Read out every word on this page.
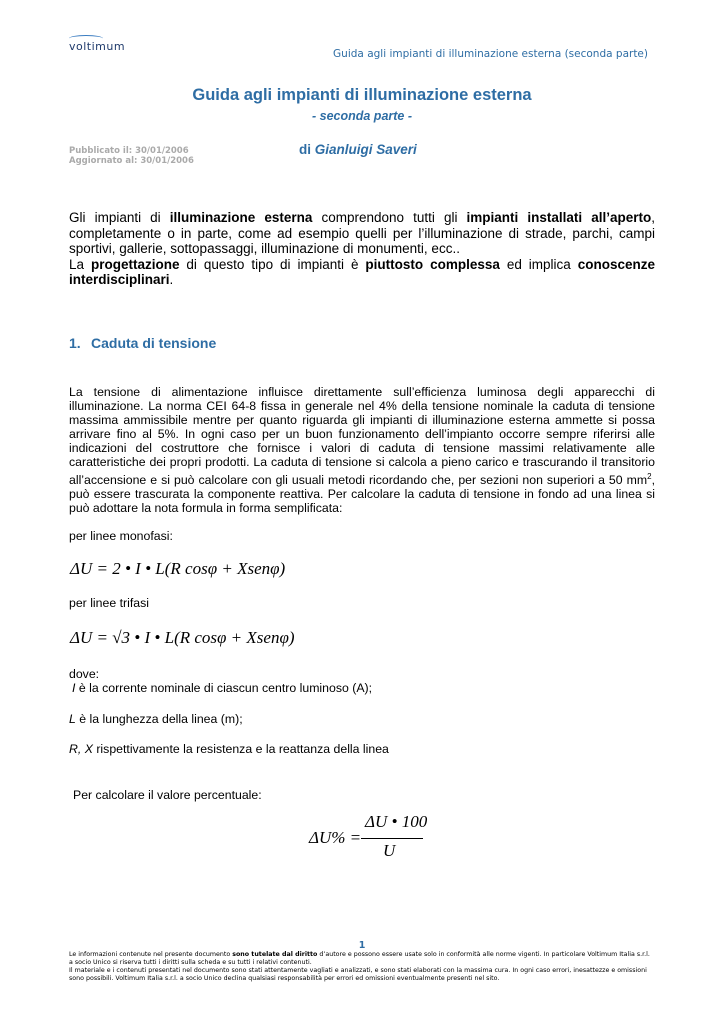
voltimum
Guida agli impianti di illuminazione esterna (seconda parte)
Guida agli impianti di illuminazione esterna
- seconda parte -
Pubblicato il: 30/01/2006
Aggiornato al: 30/01/2006
di Gianluigi Saveri
Gli impianti di illuminazione esterna comprendono tutti gli impianti installati all’aperto, completamente o in parte, come ad esempio quelli per l’illuminazione di strade, parchi, campi sportivi, gallerie, sottopassaggi, illuminazione di monumenti, ecc..
La progettazione di questo tipo di impianti è piuttosto complessa ed implica conoscenze interdisciplinari.
1. Caduta di tensione
La tensione di alimentazione influisce direttamente sull’efficienza luminosa degli apparecchi di illuminazione. La norma CEI 64-8 fissa in generale nel 4% della tensione nominale la caduta di tensione massima ammissibile mentre per quanto riguarda gli impianti di illuminazione esterna ammette si possa arrivare fino al 5%. In ogni caso per un buon funzionamento dell’impianto occorre sempre riferirsi alle indicazioni del costruttore che fornisce i valori di caduta di tensione massimi relativamente alle caratteristiche dei propri prodotti. La caduta di tensione si calcola a pieno carico e trascurando il transitorio all’accensione e si può calcolare con gli usuali metodi ricordando che, per sezioni non superiori a 50 $mm^2$, può essere trascurata la componente reattiva. Per calcolare la caduta di tensione in fondo ad una linea si può adottare la nota formula in forma semplificata:
per linee monofasi:
ΔU = 2 • I • L(R cosφ + Xsenφ)
per linee trifasi
ΔU = √3 • I • L(R cosφ + Xsenφ)
dove:
I è la corrente nominale di ciascun centro luminoso (A);
L è la lunghezza della linea (m);
R, X rispettivamente la resistenza e la reattanza della linea
Per calcolare il valore percentuale:
ΔU% =
ΔU • 100
U
1
Le informazioni contenute nel presente documento sono tutelate dal diritto d’autore e possono essere usate solo in conformità alle norme vigenti. In particolare Voltimum Italia s.r.l. a socio Unico si riserva tutti i diritti sulla scheda e su tutti i relativi contenuti.
Il materiale e i contenuti presentati nel documento sono stati attentamente vagliati e analizzati, e sono stati elaborati con la massima cura. In ogni caso errori, inesattezze e omissioni sono possibili. Voltimum Italia s.r.l. a socio Unico declina qualsiasi responsabilità per errori ed omissioni eventualmente presenti nel sito.
